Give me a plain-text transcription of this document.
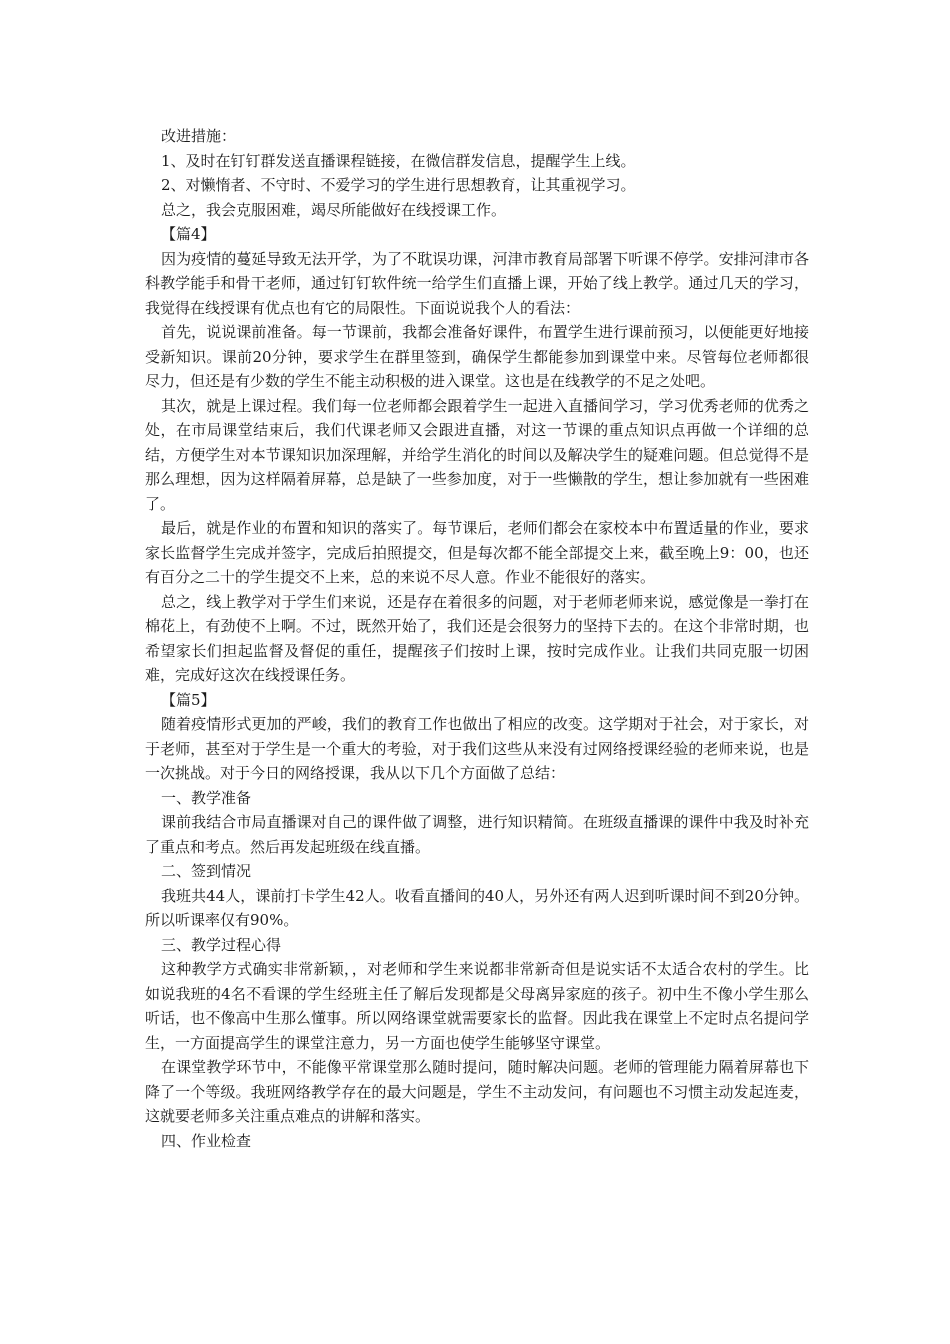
改进措施：

1、及时在钉钉群发送直播课程链接，在微信群发信息，提醒学生上线。

2、对懒惰者、不守时、不爱学习的学生进行思想教育，让其重视学习。

总之，我会克服困难，竭尽所能做好在线授课工作。

【篇4】

因为疫情的蔓延导致无法开学，为了不耽误功课，河津市教育局部署下听课不停学。安排河津市各科教学能手和骨干老师，通过钉钉软件统一给学生们直播上课，开始了线上教学。通过几天的学习，我觉得在线授课有优点也有它的局限性。下面说说我个人的看法：

首先，说说课前准备。每一节课前，我都会准备好课件，布置学生进行课前预习，以便能更好地接受新知识。课前20分钟，要求学生在群里签到，确保学生都能参加到课堂中来。尽管每位老师都很尽力，但还是有少数的学生不能主动积极的进入课堂。这也是在线教学的不足之处吧。

其次，就是上课过程。我们每一位老师都会跟着学生一起进入直播间学习，学习优秀老师的优秀之处，在市局课堂结束后，我们代课老师又会跟进直播，对这一节课的重点知识点再做一个详细的总结，方便学生对本节课知识加深理解，并给学生消化的时间以及解决学生的疑难问题。但总觉得不是那么理想，因为这样隔着屏幕，总是缺了一些参加度，对于一些懒散的学生，想让参加就有一些困难了。

最后，就是作业的布置和知识的落实了。每节课后，老师们都会在家校本中布置适量的作业，要求家长监督学生完成并签字，完成后拍照提交，但是每次都不能全部提交上来，截至晚上9：00，也还有百分之二十的学生提交不上来，总的来说不尽人意。作业不能很好的落实。

总之，线上教学对于学生们来说，还是存在着很多的问题，对于老师老师来说，感觉像是一拳打在棉花上，有劲使不上啊。不过，既然开始了，我们还是会很努力的坚持下去的。在这个非常时期，也希望家长们担起监督及督促的重任，提醒孩子们按时上课，按时完成作业。让我们共同克服一切困难，完成好这次在线授课任务。

【篇5】

随着疫情形式更加的严峻，我们的教育工作也做出了相应的改变。这学期对于社会，对于家长，对于老师，甚至对于学生是一个重大的考验，对于我们这些从来没有过网络授课经验的老师来说，也是一次挑战。对于今日的网络授课，我从以下几个方面做了总结：

一、教学准备

课前我结合市局直播课对自己的课件做了调整，进行知识精简。在班级直播课的课件中我及时补充了重点和考点。然后再发起班级在线直播。

二、签到情况

我班共44人，课前打卡学生42人。收看直播间的40人，另外还有两人迟到听课时间不到20分钟。所以听课率仅有90%。

三、教学过程心得

这种教学方式确实非常新颖，，对老师和学生来说都非常新奇但是说实话不太适合农村的学生。比如说我班的4名不看课的学生经班主任了解后发现都是父母离异家庭的孩子。初中生不像小学生那么听话，也不像高中生那么懂事。所以网络课堂就需要家长的监督。因此我在课堂上不定时点名提问学生，一方面提高学生的课堂注意力，另一方面也使学生能够坚守课堂。

在课堂教学环节中，不能像平常课堂那么随时提问，随时解决问题。老师的管理能力隔着屏幕也下降了一个等级。我班网络教学存在的最大问题是，学生不主动发问，有问题也不习惯主动发起连麦，这就要老师多关注重点难点的讲解和落实。

四、作业检查
